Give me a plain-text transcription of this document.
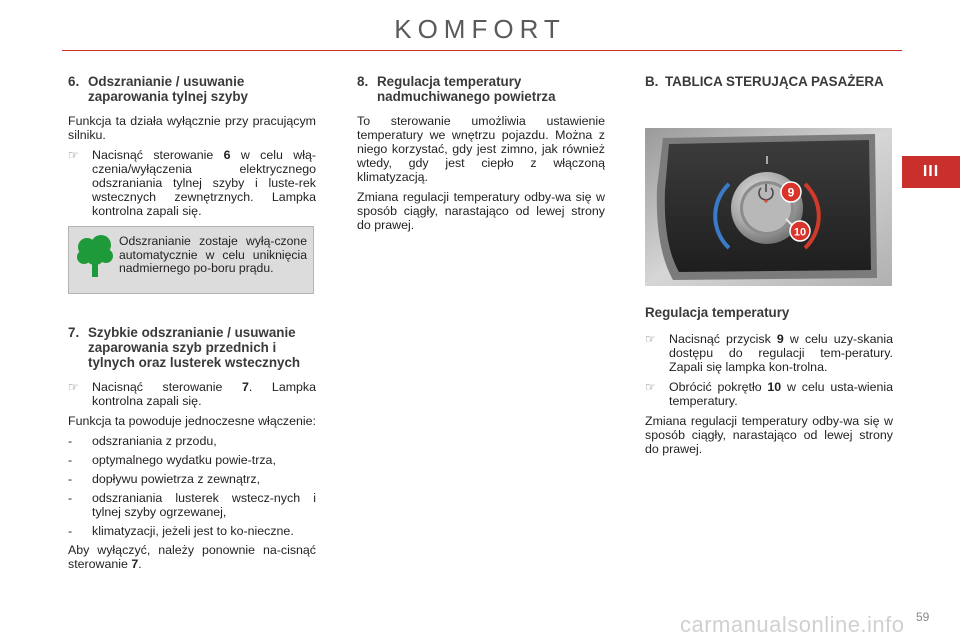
KOMFORT
III
6. Odszranianie / usuwanie zaparowania tylnej szyby

Funkcja ta działa wyłącznie przy pracującym silniku.

☞	Nacisnąć sterowanie 6 w celu włą-czenia/wyłączenia elektrycznego odszraniania tylnej szyby i luste-rek wstecznych zewnętrznych. Lampka kontrolna zapali się.
Odszranianie zostaje wyłą-czone automatycznie w celu uniknięcia nadmiernego po-boru prądu.
7. Szybkie odszranianie / usuwanie zaparowania szyb przednich i tylnych oraz lusterek wstecznych
☞	Nacisnąć sterowanie 7. Lampka kontrolna zapali się.

Funkcja ta powoduje jednoczesne włączenie:

-	odszraniania z przodu,
-	optymalnego wydatku powie-trza,
-	dopływu powietrza z zewnątrz,
-	odszraniania lusterek wstecz-nych i tylnej szyby ogrzewanej,
-	klimatyzacji, jeżeli jest to ko-nieczne.

Aby wyłączyć, należy ponownie na-cisnąć sterowanie 7.

8. Regulacja temperatury nadmuchiwanego powietrza

To sterowanie umożliwia ustawienie temperatury we wnętrzu pojazdu. Można z niego korzystać, gdy jest zimno, jak również wtedy, gdy jest ciepło z włączoną klimatyzacją.

Zmiana regulacji temperatury odby-wa się w sposób ciągły, narastająco od lewej strony do prawej.

B. TABLICA STERUJĄCA PASAŻERA
9
10
Regulacja temperatury
☞	Nacisnąć przycisk 9 w celu uzy-skania dostępu do regulacji tem-peratury. Zapali się lampka kon-trolna.
☞	Obrócić pokrętło 10 w celu usta-wienia temperatury.

Zmiana regulacji temperatury odby-wa się w sposób ciągły, narastająco od lewej strony do prawej.

carmanualsonline.info 59
